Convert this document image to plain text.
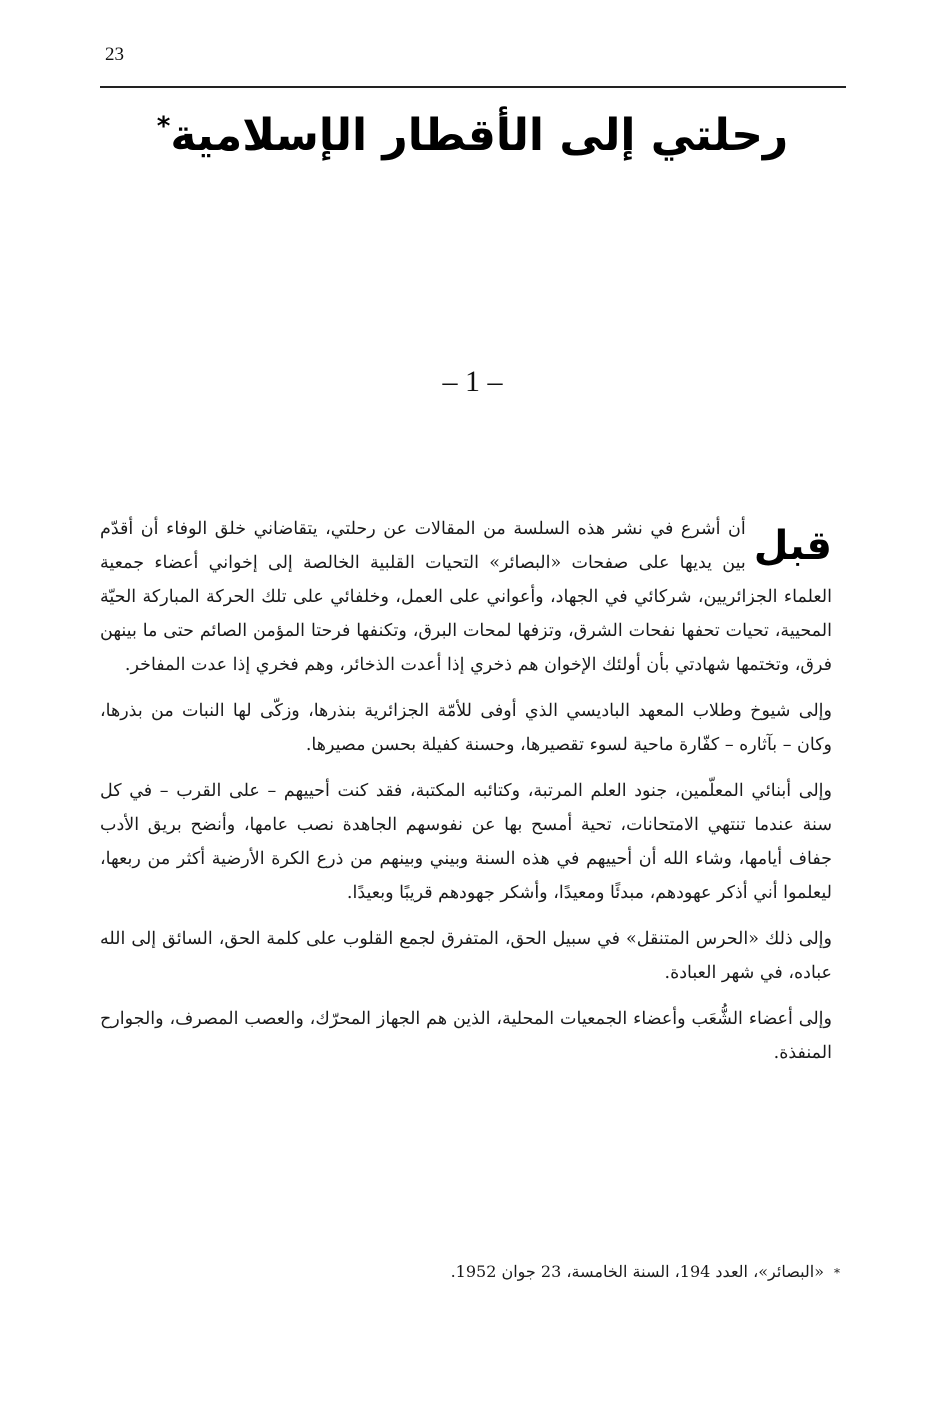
23
رحلتي إلى الأقطار الإسلامية*
– 1 –

قبل
أن أشرع في نشر هذه السلسة من المقالات عن رحلتي، يتقاضاني خلق الوفاء أن أقدّم بين يديها على صفحات «البصائر» التحيات القلبية الخالصة إلى إخواني أعضاء جمعية العلماء الجزائريين، شركائي في الجهاد، وأعواني على العمل، وخلفائي على تلك الحركة المباركة الحيّة المحيية، تحيات تحفها نفحات الشرق، وتزفها لمحات البرق، وتكنفها فرحتا المؤمن الصائم حتى ما بينهن فرق، وتختمها شهادتي بأن أولئك الإخوان هم ذخري إذا أعدت الذخائر، وهم فخري إذا عدت المفاخر.

وإلى شيوخ وطلاب المعهد الباديسي الذي أوفى للأمّة الجزائرية بنذرها، وزكّى لها النبات من بذرها، وكان – بآثاره – كفّارة ماحية لسوء تقصيرها، وحسنة كفيلة بحسن مصيرها.

وإلى أبنائي المعلّمين، جنود العلم المرتبة، وكتائبه المكتبة، فقد كنت أحييهم – على القرب – في كل سنة عندما تنتهي الامتحانات، تحية أمسح بها عن نفوسهم الجاهدة نصب عامها، وأنضح بريق الأدب جفاف أيامها، وشاء الله أن أحييهم في هذه السنة وبيني وبينهم من ذرع الكرة الأرضية أكثر من ربعها، ليعلموا أني أذكر عهودهم، مبدئًا ومعيدًا، وأشكر جهودهم قريبًا وبعيدًا.

وإلى ذلك «الحرس المتنقل» في سبيل الحق، المتفرق لجمع القلوب على كلمة الحق، السائق إلى الله عباده، في شهر العبادة.

وإلى أعضاء الشُّعَب وأعضاء الجمعيات المحلية، الذين هم الجهاز المحرّك، والعصب المصرف، والجوارح المنفذة.

*«البصائر»، العدد 194، السنة الخامسة، 23 جوان 1952.
